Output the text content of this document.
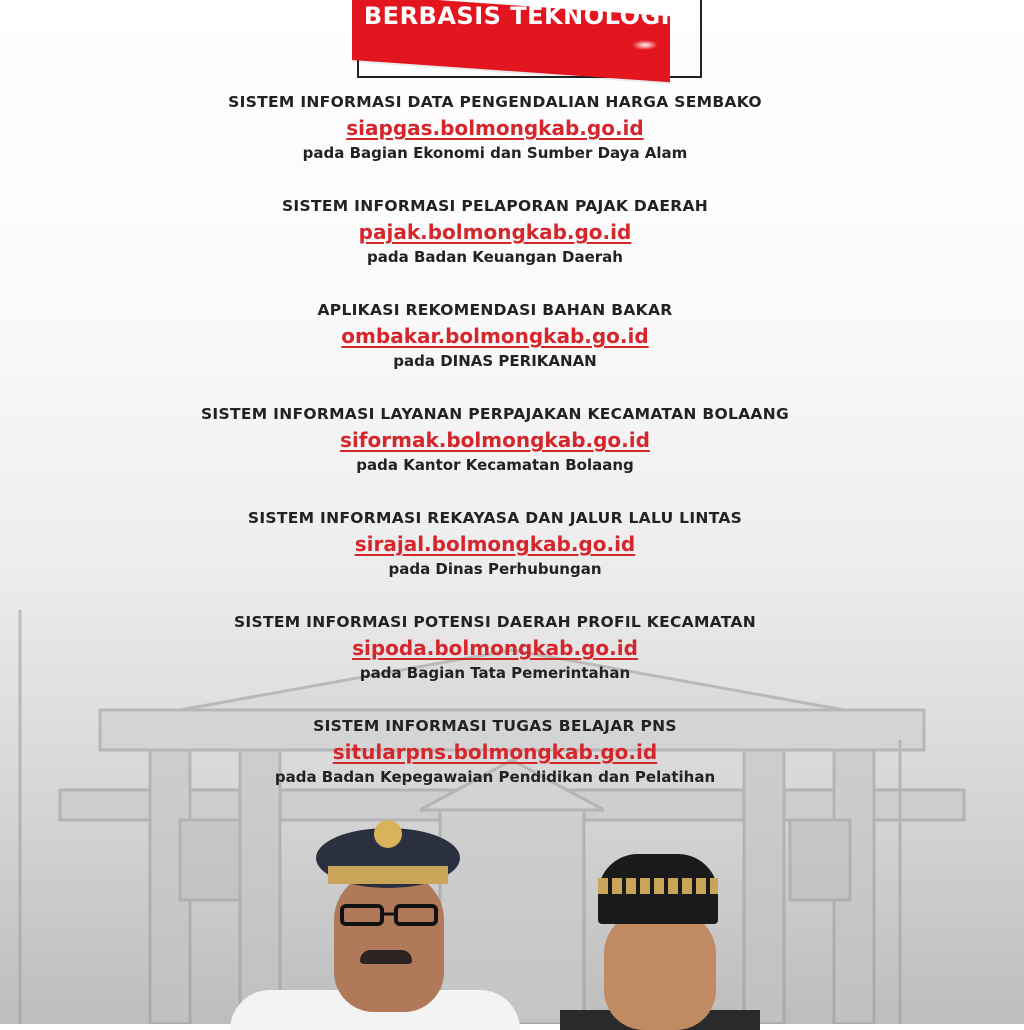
BERBASIS TEKNOLOGI
SISTEM INFORMASI DATA PENGENDALIAN HARGA SEMBAKO
siapgas.bolmongkab.go.id
pada Bagian Ekonomi dan Sumber Daya Alam
SISTEM INFORMASI PELAPORAN PAJAK DAERAH
pajak.bolmongkab.go.id
pada Badan Keuangan Daerah
APLIKASI REKOMENDASI BAHAN BAKAR
ombakar.bolmongkab.go.id
pada DINAS PERIKANAN
SISTEM INFORMASI LAYANAN PERPAJAKAN KECAMATAN BOLAANG
siformak.bolmongkab.go.id
pada Kantor Kecamatan Bolaang
SISTEM INFORMASI REKAYASA DAN JALUR LALU LINTAS
sirajal.bolmongkab.go.id
pada Dinas Perhubungan
SISTEM INFORMASI POTENSI DAERAH PROFIL KECAMATAN
sipoda.bolmongkab.go.id
pada Bagian Tata Pemerintahan
SISTEM INFORMASI TUGAS BELAJAR PNS
sitularpns.bolmongkab.go.id
pada Badan Kepegawaian Pendidikan dan Pelatihan
